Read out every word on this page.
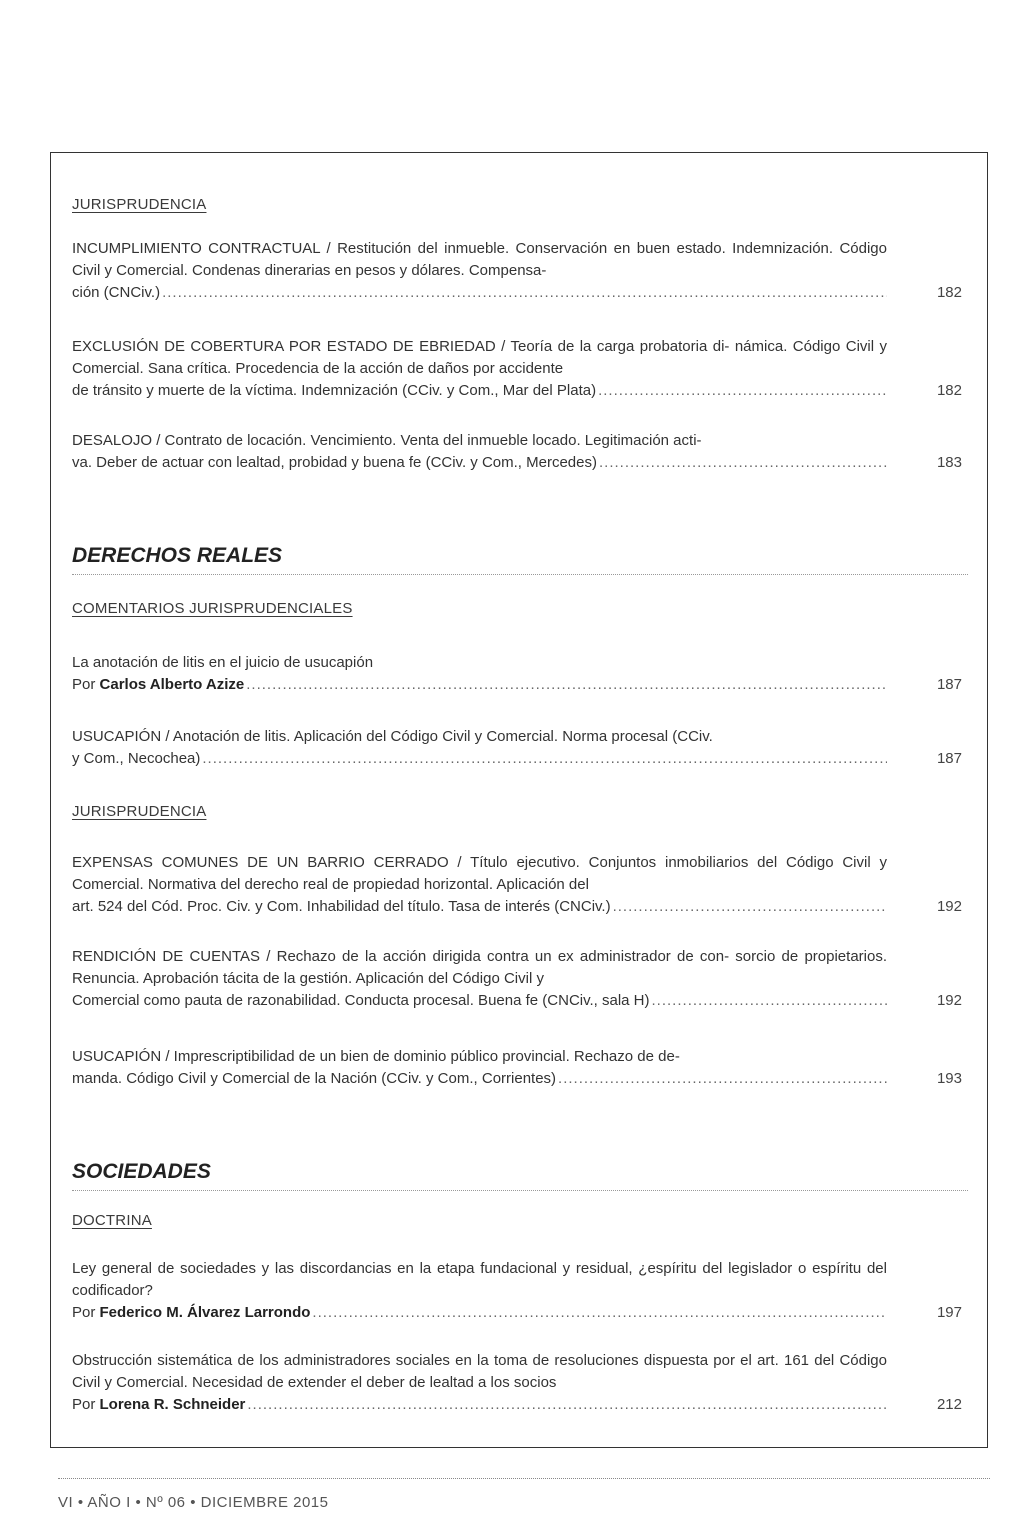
JURISPRUDENCIA
INCUMPLIMIENTO CONTRACTUAL / Restitución del inmueble. Conservación en buen estado. Indemnización. Código Civil y Comercial. Condenas dinerarias en pesos y dólares. Compensa-
ción (CNCiv.) .....	182
EXCLUSIÓN DE COBERTURA POR ESTADO DE EBRIEDAD / Teoría de la carga probatoria di- námica. Código Civil y Comercial. Sana crítica. Procedencia de la acción de daños por accidente
de tránsito y muerte de la víctima. Indemnización (CCiv. y Com., Mar del Plata) .....	182
DESALOJO / Contrato de locación. Vencimiento. Venta del inmueble locado. Legitimación acti-
va. Deber de actuar con lealtad, probidad y buena fe (CCiv. y Com., Mercedes) .....	183
DERECHOS REALES
COMENTARIOS JURISPRUDENCIALES
La anotación de litis en el juicio de usucapión
Por Carlos Alberto Azize .....	187
USUCAPIÓN / Anotación de litis. Aplicación del Código Civil y Comercial. Norma procesal (CCiv.
y Com., Necochea) .....	187
JURISPRUDENCIA
EXPENSAS COMUNES DE UN BARRIO CERRADO / Título ejecutivo. Conjuntos inmobiliarios del Código Civil y Comercial. Normativa del derecho real de propiedad horizontal. Aplicación del
art. 524 del Cód. Proc. Civ. y Com. Inhabilidad del título. Tasa de interés (CNCiv.) .....	192
RENDICIÓN DE CUENTAS / Rechazo de la acción dirigida contra un ex administrador de con- sorcio de propietarios. Renuncia. Aprobación tácita de la gestión. Aplicación del Código Civil y
Comercial como pauta de razonabilidad. Conducta procesal. Buena fe (CNCiv., sala H) .....	192
USUCAPIÓN / Imprescriptibilidad de un bien de dominio público provincial. Rechazo de de-
manda. Código Civil y Comercial de la Nación (CCiv. y Com., Corrientes) .....	193
SOCIEDADES
DOCTRINA
Ley general de sociedades y las discordancias en la etapa fundacional y residual, ¿espíritu del legislador o espíritu del codificador?
Por Federico M. Álvarez Larrondo .....	197
Obstrucción sistemática de los administradores sociales en la toma de resoluciones dispuesta por el art. 161 del Código Civil y Comercial. Necesidad de extender el deber de lealtad a los socios
Por Lorena R. Schneider .....	212
VI • AÑO I • Nº 06 • DICIEMBRE 2015
